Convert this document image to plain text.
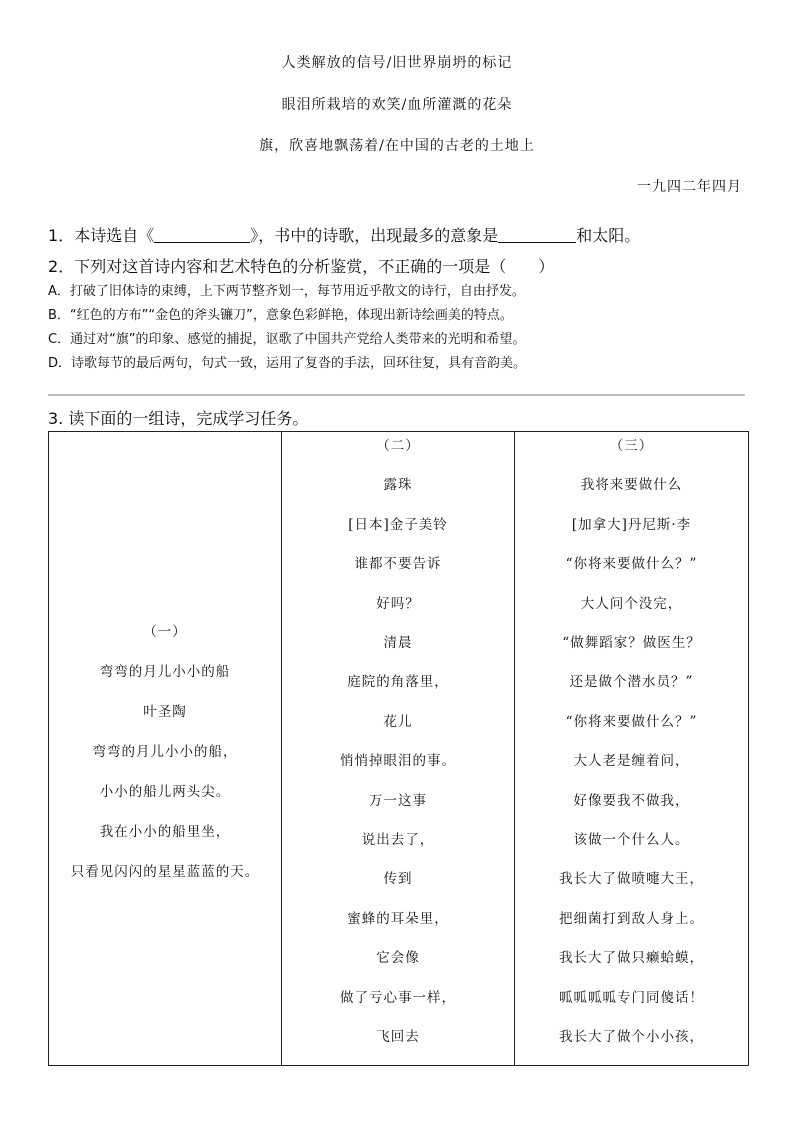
人类解放的信号/旧世界崩坍的标记
眼泪所栽培的欢笑/血所灌溉的花朵
旗，欣喜地飘荡着/在中国的古老的土地上
一九四二年四月
1．本诗选自《	》，书中的诗歌，出现最多的意象是	和太阳。
2．下列对这首诗内容和艺术特色的分析鉴赏，不正确的一项是（　　）
A．打破了旧体诗的束缚，上下两节整齐划一，每节用近乎散文的诗行，自由抒发。
B．“红色的方布”“金色的斧头镰刀”，意象色彩鲜艳，体现出新诗绘画美的特点。
C．通过对“旗”的印象、感觉的捕捉，讴歌了中国共产党给人类带来的光明和希望。
D．诗歌每节的最后两句，句式一致，运用了复沓的手法，回环往复，具有音韵美。
3. 读下面的一组诗，完成学习任务。
（一）
弯弯的月儿小小的船
叶圣陶
弯弯的月儿小小的船，
小小的船儿两头尖。
我在小小的船里坐，
只看见闪闪的星星蓝蓝的天。

（二）
露珠
[日本]金子美铃
谁都不要告诉
好吗？
清晨
庭院的角落里，
花儿
悄悄掉眼泪的事。
万一这事
说出去了，
传到
蜜蜂的耳朵里，
它会像
做了亏心事一样，
飞回去

（三）
我将来要做什么
[加拿大]丹尼斯·李
“你将来要做什么？”
大人问个没完，
“做舞蹈家？做医生？
还是做个潜水员？”
“你将来要做什么？”
大人老是缠着问，
好像要我不做我，
该做一个什么人。
我长大了做喷嚏大王，
把细菌打到敌人身上。
我长大了做只癞蛤蟆，
呱呱呱呱专门同傻话！
我长大了做个小小孩，
